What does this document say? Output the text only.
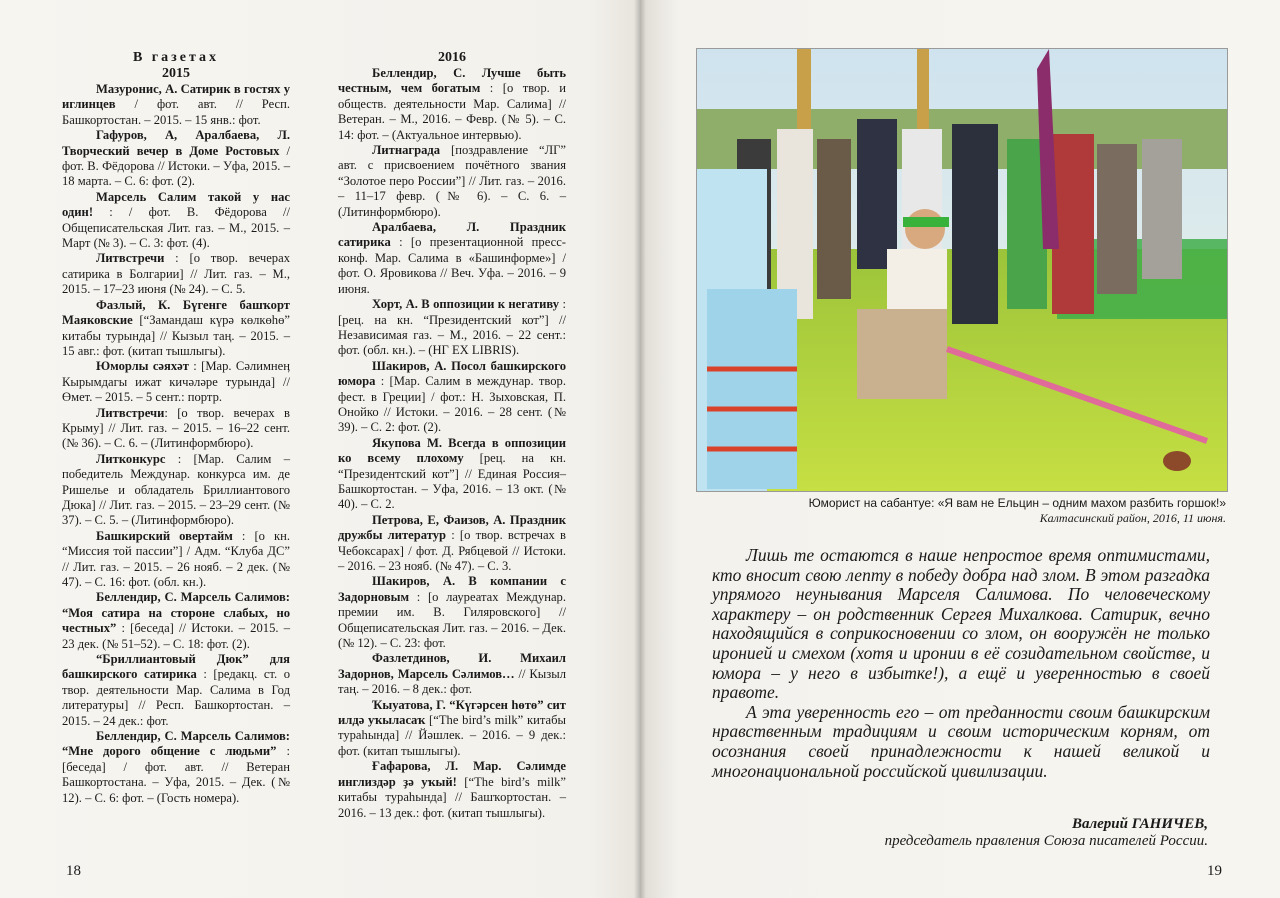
В газетах
2015

Мазуронис, А. Сатирик в гостях у иглинцев / фот. авт. // Респ. Башкортостан. – 2015. – 15 янв.: фот.

Гафуров, А, Аралбаева, Л. Творческий вечер в Доме Ростовых / фот. В. Фёдорова // Истоки. – Уфа, 2015. – 18 марта. – С. 6: фот. (2).

Марсель Салим такой у нас один! : / фот. В. Фёдорова // Общеписательская Лит. газ. – М., 2015. – Март (№ 3). – С. 3: фот. (4).

Литвстречи : [о твор. вечерах сатирика в Болгарии] // Лит. газ. – М., 2015. – 17–23 июня (№ 24). – С. 5.

Фазлый, К. Бүгенге башҡорт Маяковские [“Замандаш күрә көлкөһө” китабы турында] // Кызыл таң. – 2015. – 15 авг.: фот. (китап тышлыгы).

Юморлы сәяхәт : [Мар. Сәлимнеӊ Кырымдагы ижат кичәләре турында] // Өмет. – 2015. – 5 сент.: портр.

Литвстречи: [о твор. вечерах в Крыму] // Лит. газ. – 2015. – 16–22 сент. (№ 36). – С. 6. – (Литинформбюро).

Литконкурс : [Мар. Салим – победитель Междунар. конкурса им. де Ришелье и обладатель Бриллиантового Дюка] // Лит. газ. – 2015. – 23–29 сент. (№ 37). – С. 5. – (Литинформбюро).

Башкирский овертайм : [о кн. “Миссия той пассии”] / Адм. “Клуба ДС” // Лит. газ. – 2015. – 26 нояб. – 2 дек. (№ 47). – С. 16: фот. (обл. кн.).

Беллендир, С. Марсель Салимов: “Моя сатира на стороне слабых, но честных” : [беседа] // Истоки. – 2015. – 23 дек. (№ 51–52). – С. 18: фот. (2).

“Бриллиантовый Дюк” для башкирского сатирика : [редакц. ст. о твор. деятельности Мар. Салима в Год литературы] // Респ. Башкортостан. – 2015. – 24 дек.: фот.

Беллендир, С. Марсель Салимов: “Мне дорого общение с людьми” : [беседа] / фот. авт. // Ветеран Башкортостана. – Уфа, 2015. – Дек. (№ 12). – С. 6: фот. – (Гость номера).

2016

Беллендир, С. Лучше быть честным, чем богатым : [о твор. и обществ. деятельности Мар. Салима] // Ветеран. – М., 2016. – Февр. (№ 5). – С. 14: фот. – (Актуальное интервью).

Литнаграда [поздравление “ЛГ” авт. с присвоением почётного звания “Золотое перо России”] // Лит. газ. – 2016. – 11–17 февр. (№ 6). – С. 6. – (Литинформбюро).

Аралбаева, Л. Праздник сатирика : [о презентационной пресс-конф. Мар. Салима в «Башинформе»] / фот. О. Яровикова // Веч. Уфа. – 2016. – 9 июня.

Хорт, А. В оппозиции к негативу : [рец. на кн. “Президентский кот”] // Независимая газ. – М., 2016. – 22 сент.: фот. (обл. кн.). – (НГ EX LIBRIS).

Шакиров, А. Посол башкирского юмора : [Мар. Салим в междунар. твор. фест. в Греции] / фот.: Н. Зыховская, П. Онойко // Истоки. – 2016. – 28 сент. (№ 39). – С. 2: фот. (2).

Якупова М. Всегда в оппозиции ко всему плохому [рец. на кн. “Президентский кот”] // Единая Россия–Башкортостан. – Уфа, 2016. – 13 окт. (№ 40). – С. 2.

Петрова, Е, Фаизов, А. Праздник дружбы литератур : [о твор. встречах в Чебоксарах] / фот. Д. Рябцевой // Истоки. – 2016. – 23 нояб. (№ 47). – С. 3.

Шакиров, А. В компании с Задорновым : [о лауреатах Междунар. премии им. В. Гиляровского] // Общеписательская Лит. газ. – 2016. – Дек. (№ 12). – С. 23: фот.

Фазлетдинов, И. Михаил Задорнов, Марсель Сәлимов… // Кызыл таң. – 2016. – 8 дек.: фот.

Ҡыуатова, Г. “Күгәрсен һөтө” сит илдә уҡылаcаҡ [“The bird’s milk” китабы тураһында] // Йәшлек. – 2016. – 9 дек.: фот. (китап тышлыгы).

Ғафарова, Л. Мар. Сәлимде инглиздәр ҙә уҡый! [“The bird’s milk” китабы тураһында] // Башҡортостан. – 2016. – 13 дек.: фот. (китап тышлыгы).

18
Юморист на сабантуе: «Я вам не Ельцин – одним махом разбить горшок!»
Калтасинский район, 2016, 11 июня.

Лишь те остаются в наше непростое время оптимистами, кто вносит свою лепту в победу добра над злом. В этом разгадка упрямого неунывания Марселя Салимова. По человеческому характеру – он родственник Сергея Михалкова. Сатирик, вечно находящийся в соприкосновении со злом, он вооружён не только иронией и смехом (хотя и иронии в её созидательном свойстве, и юмора – у него в избытке!), а ещё и уверенностью в своей правоте.

А эта уверенность его – от преданности своим башкирским нравственным традициям и своим историческим корням, от осознания своей принадлежности к нашей великой и многонациональной российской цивилизации.

Валерий ГАНИЧЕВ,
председатель правления Союза писателей России.
19
